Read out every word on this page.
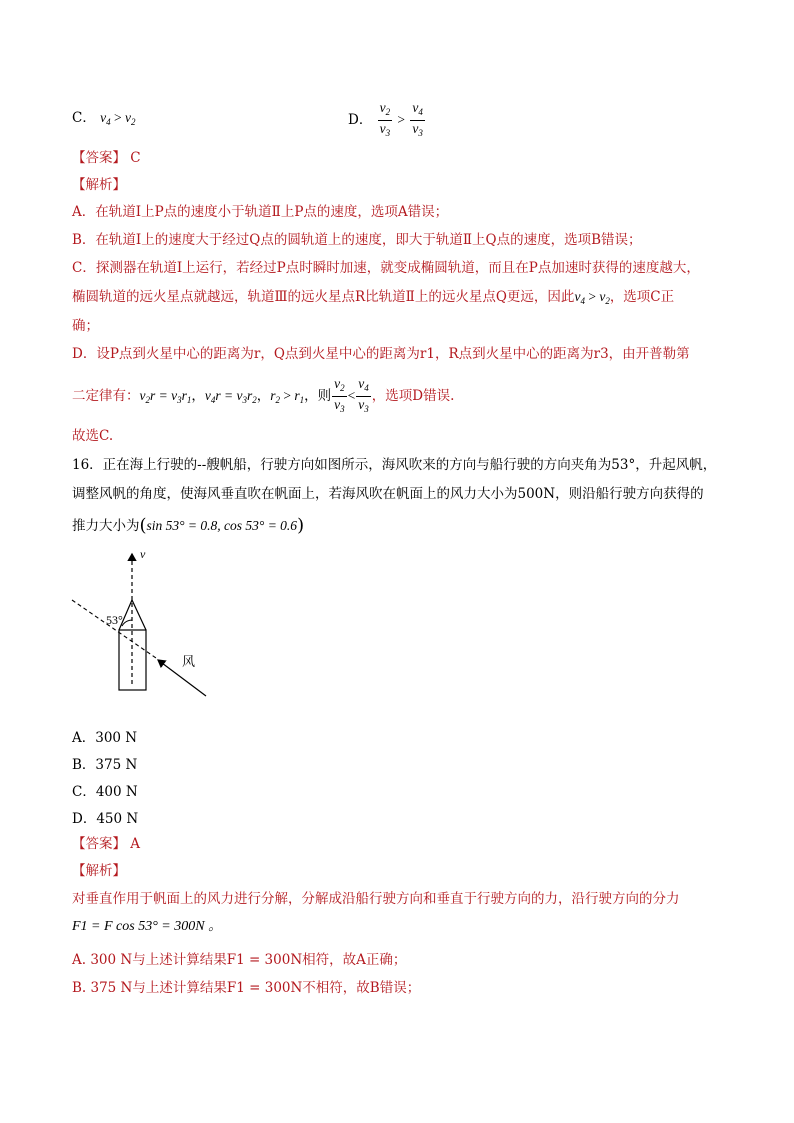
C． $v_4 > v_2$	D． $\frac{v_2}{v_3} > \frac{v_4}{v_3}$
【答案】 C
【解析】
A．在轨道Ⅰ上P点的速度小于轨道Ⅱ上P点的速度，选项A错误；
B．在轨道Ⅰ上的速度大于经过Q点的圆轨道上的速度，即大于轨道Ⅱ上Q点的速度，选项B错误；
C．探测器在轨道Ⅰ上运行，若经过P点时瞬时加速，就变成椭圆轨道，而且在P点加速时获得的速度越大，
椭圆轨道的远火星点就越远，轨道Ⅲ的远火星点R比轨道Ⅱ上的远火星点Q更远，因此$v_4 > v_2$，选项C正
确；
D．设P点到火星中心的距离为r，Q点到火星中心的距离为r1，R点到火星中心的距离为r3，由开普勒第
二定律有：$v_2r = v_3r_1$，$v_4r = v_3r_2$，$r_2 > r_1$，则 $\frac{v_2}{v_3} < \frac{v_4}{v_3}$ ，选项D错误.
故选C.
16．正在海上行驶的--艘帆船，行驶方向如图所示，海风吹来的方向与船行驶的方向夹角为53°，升起风帆，
调整风帆的角度，使海风垂直吹在帆面上，若海风吹在帆面上的风力大小为500N，则沿船行驶方向获得的
推力大小为(sin 53° = 0.8, cos 53° = 0.6)
v
风
53°
A．300 N
B．375 N
C．400 N
D．450 N
【答案】 A
【解析】
对垂直作用于帆面上的风力进行分解，分解成沿船行驶方向和垂直于行驶方向的力，沿行驶方向的分力
F1 = F cos 53° = 300N 。
A. 300 N与上述计算结果F1 = 300N相符，故A正确；
B. 375 N与上述计算结果F1 = 300N不相符，故B错误；
